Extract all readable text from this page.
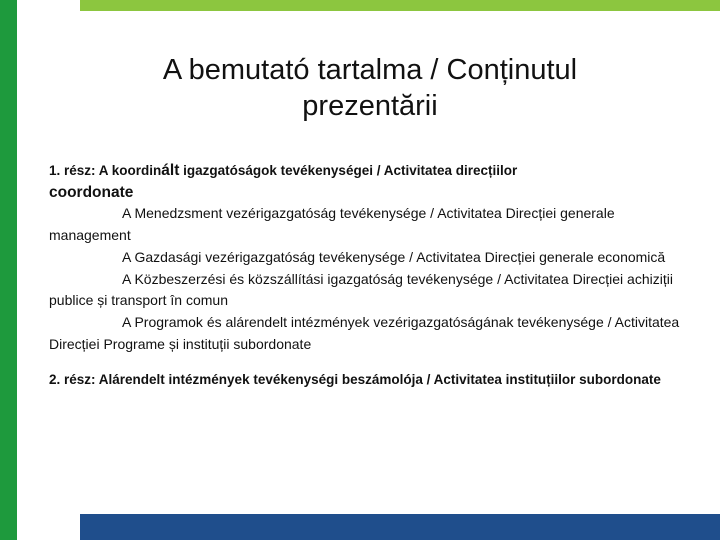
A bemutató tartalma / Conținutul
prezentării
1. rész: A koordinált igazgatóságok tevékenységei / Activitatea direcțiilor
coordonate
A Menedzsment vezérigazgatóság tevékenysége / Activitatea Direcției generale management
A Gazdasági vezérigazgatóság tevékenysége / Activitatea Direcției generale economică
A Közbeszerzési és közszállítási igazgatóság tevékenysége / Activitatea Direcției achiziții publice și transport în comun
A Programok és alárendelt intézmények vezérigazgatóságának tevékenysége / Activitatea Direcției Programe și instituții subordonate
2. rész: Alárendelt intézmények tevékenységi beszámolója / Activitatea instituțiilor subordonate
